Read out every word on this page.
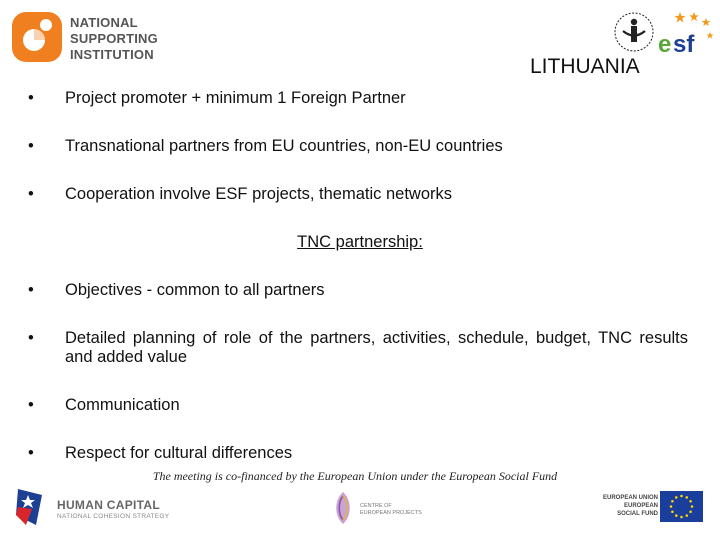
NATIONAL
SUPPORTING
INSTITUTION	e sf
LITHUANIA
•	Project promoter + minimum 1 Foreign Partner
•	Transnational partners from EU countries, non-EU countries
•	Cooperation involve ESF projects, thematic networks
TNC partnership:
•	Objectives - common to all partners
•	Detailed planning of role of the partners, activities, schedule, budget, TNC results and added value
•	Communication
•	Respect for cultural differences
The meeting is co-financed by the European Union under the European Social Fund
HUMAN CAPITAL
NATIONAL COHESION STRATEGY
CENTRE OF
EUROPEAN PROJECTS
EUROPEAN UNION
EUROPEAN
SOCIAL FUND
